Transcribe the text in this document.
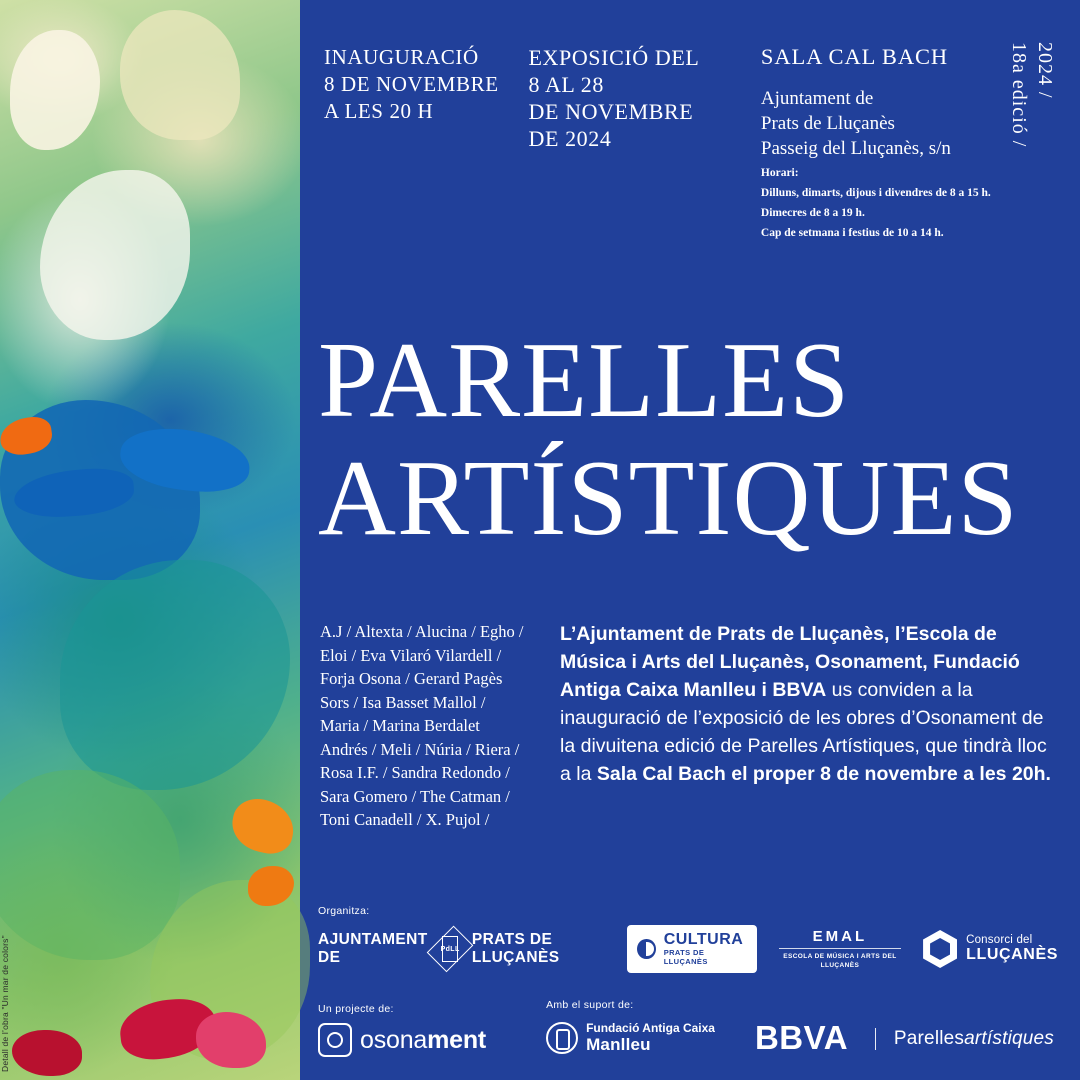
Detall de l’obra "Un mar de colors"
INAUGURACIÓ
8 DE NOVEMBRE
A LES 20 H

EXPOSICIÓ DEL
8 AL 28
DE NOVEMBRE
DE 2024

SALA CAL BACH
Ajuntament de
Prats de Lluçanès
Passeig del Lluçanès, s/n
Horari:
Dilluns, dimarts, dijous i divendres de 8 a 15 h.
Dimecres de 8 a 19 h.
Cap de setmana i festius de 10 a 14 h.
2024 /
18a edició /
PARELLES
ARTÍSTIQUES
A.J / Altexta / Alucina / Egho / Eloi / Eva Vilaró Vilardell / Forja Osona / Gerard Pagès Sors / Isa Basset Mallol / Maria / Marina Berdalet Andrés / Meli / Núria / Riera / Rosa I.F. / Sandra Redondo / Sara Gomero / The Catman / Toni Canadell / X. Pujol /
L’Ajuntament de Prats de Lluçanès, l’Escola de Música i Arts del Lluçanès, Osonament, Fundació Antiga Caixa Manlleu i BBVA us conviden a la inauguració de l’exposició de les obres d’Osonament de la divuitena edició de Parelles Artístiques, que tindrà lloc a la Sala Cal Bach el proper 8 de novembre a les 20h.
Organitza:
AJUNTAMENT DE	PdLL
PRATS DE LLUÇANÈS
CULTURA
PRATS DE LLUÇANÈS
EMAL
ESCOLA DE MÚSICA I ARTS DEL LLUÇANÈS
Consorci del
LLUÇANÈS
Un projecte de:
osonament
Amb el suport de:
Fundació Antiga Caixa
Manlleu	BBVA	Parellesartístiques
